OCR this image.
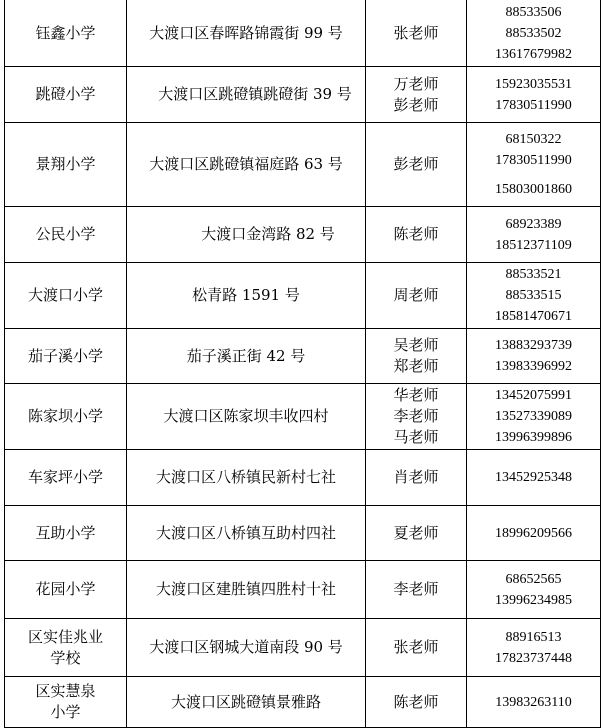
钰鑫小学	大渡口区春晖路锦霞街 99 号	张老师	88533506
88533502
13617679982

跳磴小学	大渡口区跳磴镇跳磴街 39 号	万老师
彭老师	15923035531
17830511990

景翔小学	大渡口区跳磴镇福庭路 63 号	彭老师	68150322
17830511990
15803001860

公民小学	大渡口金湾路 82 号	陈老师	68923389
18512371109

大渡口小学	松青路 1591 号	周老师	88533521
88533515
18581470671

茄子溪小学	茄子溪正街 42 号	吴老师
郑老师	13883293739
13983396992

陈家坝小学	大渡口区陈家坝丰收四村	华老师
李老师
马老师	13452075991
13527339089
13996399896

车家坪小学	大渡口区八桥镇民新村七社	肖老师	13452925348

互助小学	大渡口区八桥镇互助村四社	夏老师	18996209566

花园小学	大渡口区建胜镇四胜村十社	李老师	68652565
13996234985

区实佳兆业
学校	大渡口区钢城大道南段 90 号	张老师	88916513
17823737448

区实慧泉
小学	大渡口区跳磴镇景雅路	陈老师	13983263110
